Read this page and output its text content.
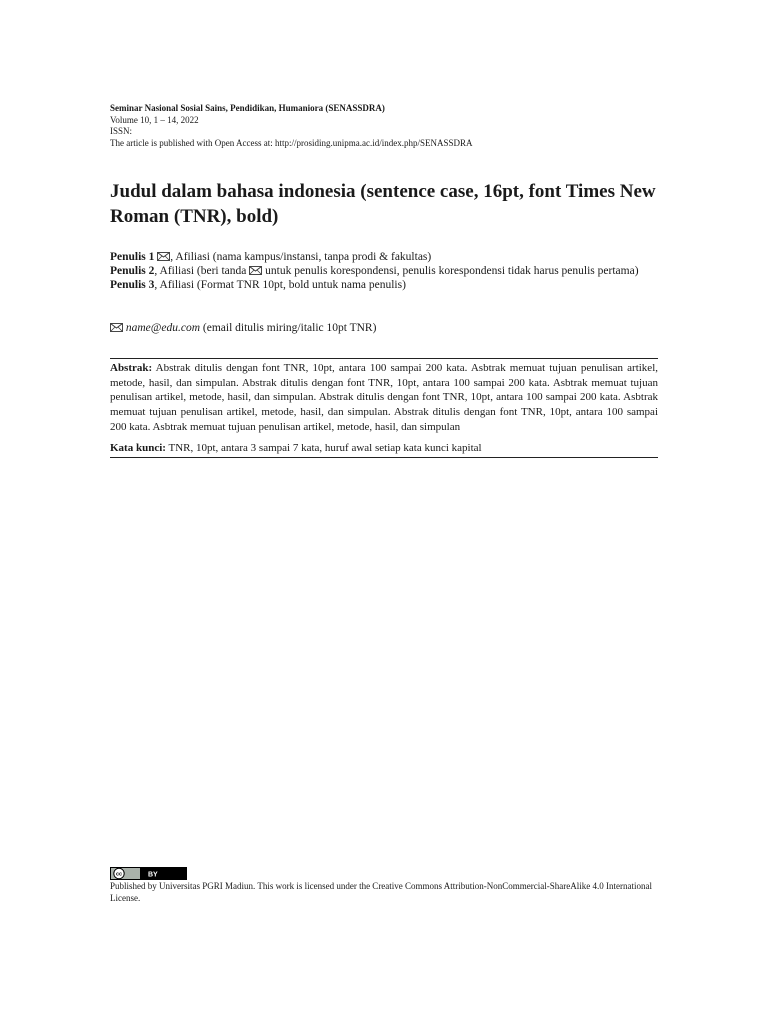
Seminar Nasional Sosial Sains, Pendidikan, Humaniora (SENASSDRA)
Volume 10, 1 – 14, 2022
ISSN:
The article is published with Open Access at: http://prosiding.unipma.ac.id/index.php/SENASSDRA
Judul dalam bahasa indonesia (sentence case, 16pt, font Times New Roman (TNR), bold)
Penulis 1 , Afiliasi (nama kampus/instansi, tanpa prodi & fakultas)
Penulis 2, Afiliasi (beri tanda  untuk penulis korespondensi, penulis korespondensi tidak harus penulis pertama)
Penulis 3, Afiliasi (Format TNR 10pt, bold untuk nama penulis)
name@edu.com (email ditulis miring/italic 10pt TNR)
Abstrak: Abstrak ditulis dengan font TNR, 10pt, antara 100 sampai 200 kata. Asbtrak memuat tujuan penulisan artikel, metode, hasil, dan simpulan. Abstrak ditulis dengan font TNR, 10pt, antara 100 sampai 200 kata. Asbtrak memuat tujuan penulisan artikel, metode, hasil, dan simpulan. Abstrak ditulis dengan font TNR, 10pt, antara 100 sampai 200 kata. Asbtrak memuat tujuan penulisan artikel, metode, hasil, dan simpulan. Abstrak ditulis dengan font TNR, 10pt, antara 100 sampai 200 kata. Asbtrak memuat tujuan penulisan artikel, metode, hasil, dan simpulan
Kata kunci: TNR, 10pt, antara 3 sampai 7 kata, huruf awal setiap kata kunci kapital
cc	BY
Published by Universitas PGRI Madiun. This work is licensed under the Creative Commons Attribution-NonCommercial-ShareAlike 4.0 International License.
